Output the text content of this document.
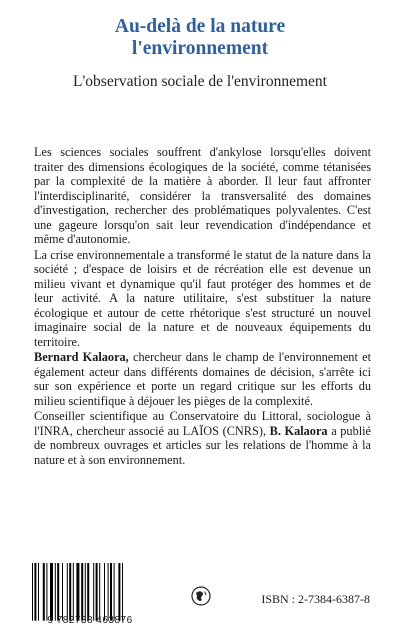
Au-delà de la nature
l'environnement
L'observation sociale de l'environnement

Les sciences sociales souffrent d'ankylose lorsqu'elles doivent traiter des dimensions écologiques de la société, comme tétanisées par la complexité de la matière à aborder. Il leur faut affronter l'interdisciplinarité, considérer la transversalité des domaines d'investigation, rechercher des problématiques polyvalentes. C'est une gageure lorsqu'on sait leur revendication d'indépendance et même d'autonomie.

La crise environnementale a transformé le statut de la nature dans la société ; d'espace de loisirs et de récréation elle est devenue un milieu vivant et dynamique qu'il faut protéger des hommes et de leur activité. A la nature utilitaire, s'est substituer la nature écologique et autour de cette rhétorique s'est structuré un nouvel imaginaire social de la nature et de nouveaux équipements du territoire.

Bernard Kalaora, chercheur dans le champ de l'environnement et également acteur dans différents domaines de décision, s'arrête ici sur son expérience et porte un regard critique sur les efforts du milieu scientifique à déjouer les pièges de la complexité.

Conseiller scientifique au Conservatoire du Littoral, sociologue à l'INRA, chercheur associé au LAÏOS (CNRS), B. Kalaora a publié de nombreux ouvrages et articles sur les relations de l'homme à la nature et à son environnement.

9 782738 463876
ISBN : 2-7384-6387-8
